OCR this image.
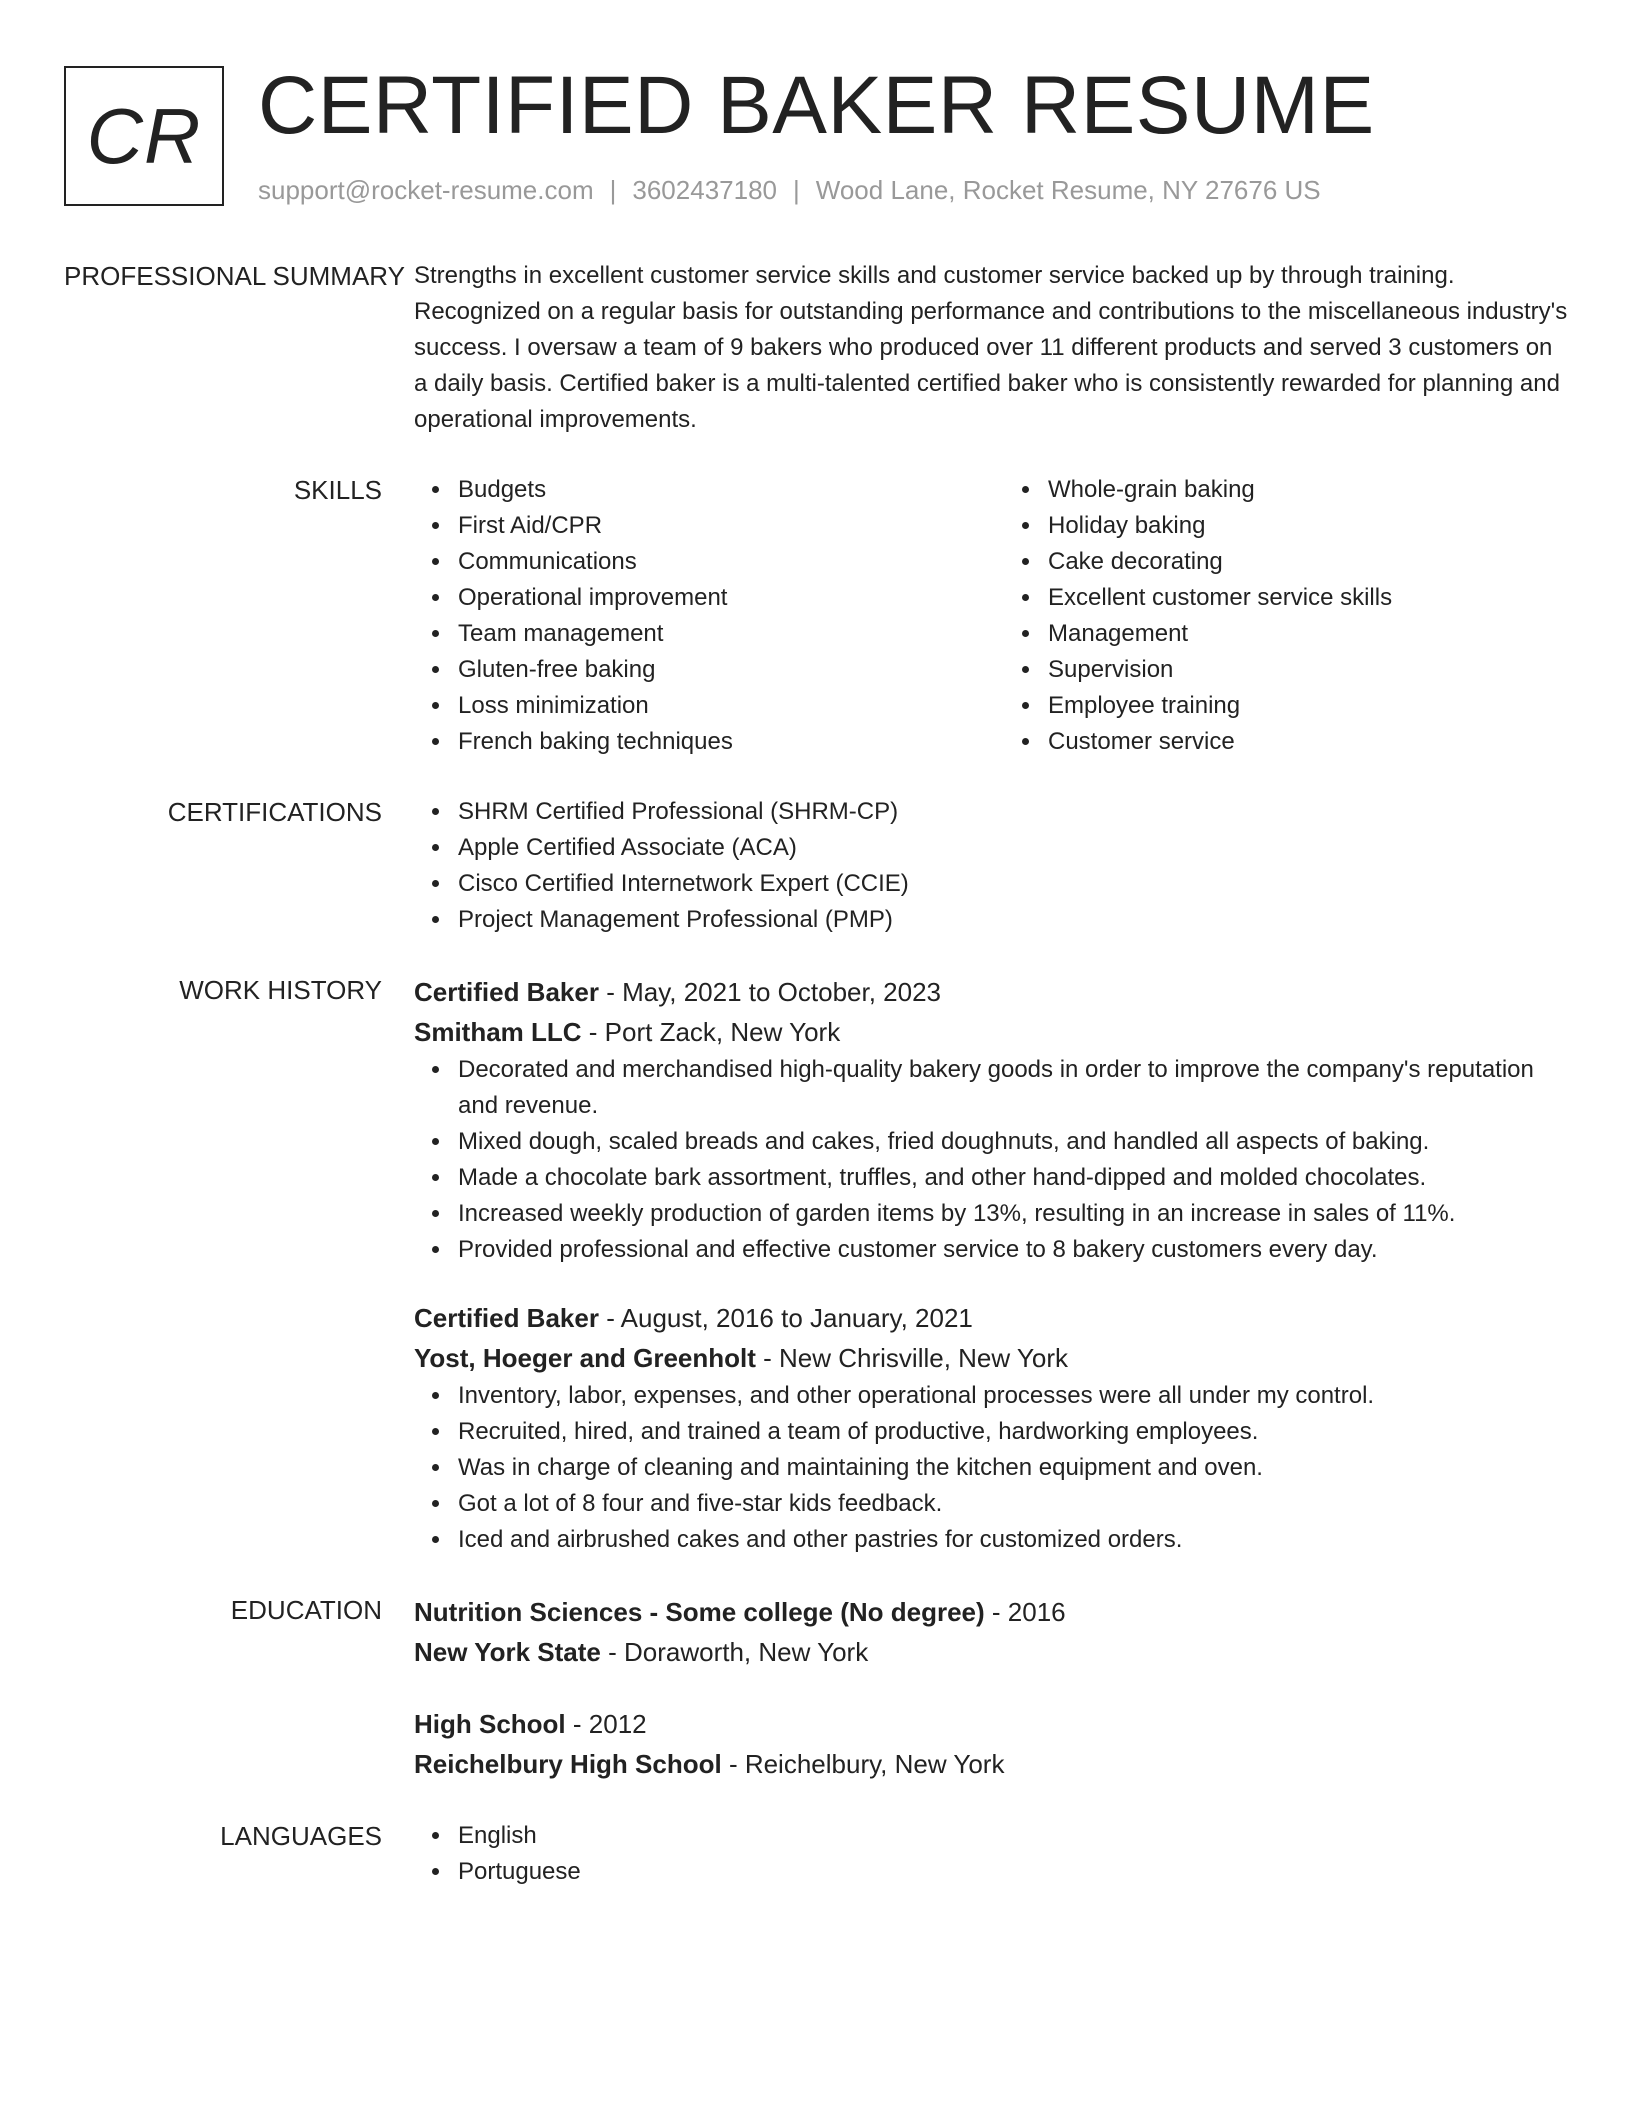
CR CERTIFIED BAKER RESUME
support@rocket-resume.com | 3602437180 | Wood Lane, Rocket Resume, NY 27676 US
PROFESSIONAL SUMMARY Strengths in excellent customer service skills and customer service backed up by through training. Recognized on a regular basis for outstanding performance and contributions to the miscellaneous industry's success. I oversaw a team of 9 bakers who produced over 11 different products and served 3 customers on a daily basis. Certified baker is a multi-talented certified baker who is consistently rewarded for planning and operational improvements.

SKILLS	Budgets
First Aid/CPR
Communications
Operational improvement
Team management
Gluten-free baking
Loss minimization
French baking techniques
Whole-grain baking
Holiday baking
Cake decorating
Excellent customer service skills
Management
Supervision
Employee training
Customer service
CERTIFICATIONS	SHRM Certified Professional (SHRM-CP)
Apple Certified Associate (ACA)
Cisco Certified Internetwork Expert (CCIE)
Project Management Professional (PMP)
WORK HISTORY	Certified Baker - May, 2021 to October, 2023
Smitham LLC - Port Zack, New York
Decorated and merchandised high-quality bakery goods in order to improve the company's reputation and revenue.
Mixed dough, scaled breads and cakes, fried doughnuts, and handled all aspects of baking.
Made a chocolate bark assortment, truffles, and other hand-dipped and molded chocolates.
Increased weekly production of garden items by 13%, resulting in an increase in sales of 11%.
Provided professional and effective customer service to 8 bakery customers every day.
Certified Baker - August, 2016 to January, 2021
Yost, Hoeger and Greenholt - New Chrisville, New York
Inventory, labor, expenses, and other operational processes were all under my control.
Recruited, hired, and trained a team of productive, hardworking employees.
Was in charge of cleaning and maintaining the kitchen equipment and oven.
Got a lot of 8 four and five-star kids feedback.
Iced and airbrushed cakes and other pastries for customized orders.
EDUCATION	Nutrition Sciences - Some college (No degree) - 2016
New York State - Doraworth, New York
High School - 2012
Reichelbury High School - Reichelbury, New York
LANGUAGES	English
Portuguese
